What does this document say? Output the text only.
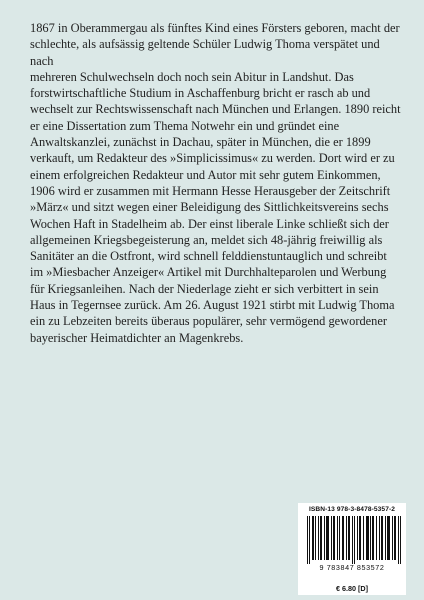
1867 in Oberammergau als fünftes Kind eines Försters geboren, macht der
schlechte, als aufsässig geltende Schüler Ludwig Thoma verspätet und nach
mehreren Schulwechseln doch noch sein Abitur in Landshut. Das
forstwirtschaftliche Studium in Aschaffenburg bricht er rasch ab und
wechselt zur Rechtswissenschaft nach München und Erlangen. 1890 reicht
er eine Dissertation zum Thema Notwehr ein und gründet eine
Anwaltskanzlei, zunächst in Dachau, später in München, die er 1899
verkauft, um Redakteur des »Simplicissimus« zu werden. Dort wird er zu
einem erfolgreichen Redakteur und Autor mit sehr gutem Einkommen,
1906 wird er zusammen mit Hermann Hesse Herausgeber der Zeitschrift
»März« und sitzt wegen einer Beleidigung des Sittlichkeitsvereins sechs
Wochen Haft in Stadelheim ab. Der einst liberale Linke schließt sich der
allgemeinen Kriegsbegeisterung an, meldet sich 48-jährig freiwillig als
Sanitäter an die Ostfront, wird schnell felddienstuntauglich und schreibt
im »Miesbacher Anzeiger« Artikel mit Durchhalteparolen und Werbung
für Kriegsanleihen. Nach der Niederlage zieht er sich verbittert in sein
Haus in Tegernsee zurück. Am 26. August 1921 stirbt mit Ludwig Thoma
ein zu Lebzeiten bereits überaus populärer, sehr vermögend gewordener
bayerischer Heimatdichter an Magenkrebs.

ISBN-13 978-3-8478-5357-2
9 783847 853572
€ 6.80 [D]
